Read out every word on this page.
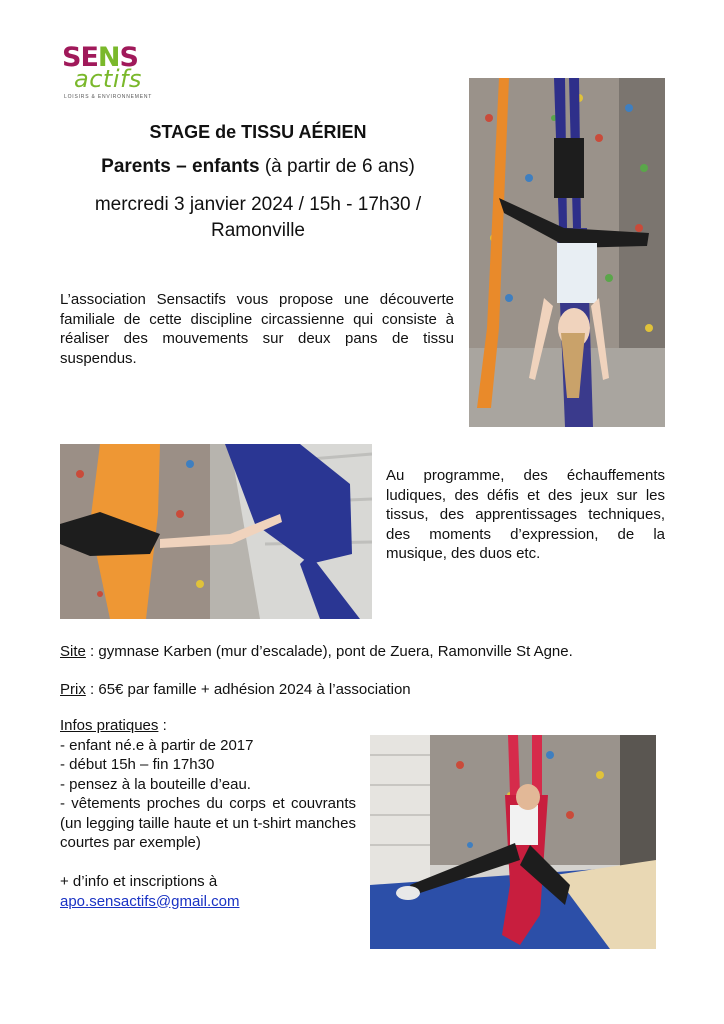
SENS
actifs
LOISIRS & ENVIRONNEMENT
STAGE de TISSU AÉRIEN
Parents – enfants (à partir de 6 ans)
mercredi 3 janvier 2024 / 15h - 17h30 /
Ramonville
L’association Sensactifs vous propose une découverte familiale de cette discipline circassienne qui consiste à réaliser des mouvements sur deux pans de tissu suspendus.
Au programme, des échauffements ludiques, des défis et des jeux sur les tissus, des apprentissages techniques, des moments d’expression, de la musique, des duos etc.
Site : gymnase Karben (mur d’escalade), pont de Zuera, Ramonville St Agne.
Prix : 65€ par famille + adhésion 2024 à l’association
Infos pratiques :
- enfant né.e à partir de 2017
- début 15h – fin 17h30
- pensez à la bouteille d’eau.
- vêtements proches du corps et couvrants (un legging taille haute et un t-shirt manches courtes par exemple)
+ d’info et inscriptions à
apo.sensactifs@gmail.com
